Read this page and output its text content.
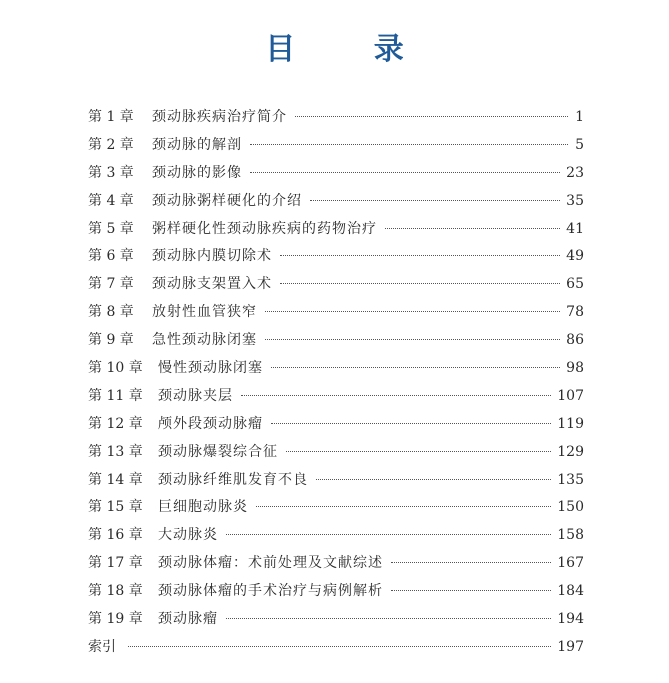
目 录
第 1 章	颈动脉疾病治疗简介	1
第 2 章	颈动脉的解剖	5
第 3 章	颈动脉的影像	23
第 4 章	颈动脉粥样硬化的介绍	35
第 5 章	粥样硬化性颈动脉疾病的药物治疗	41
第 6 章	颈动脉内膜切除术	49
第 7 章	颈动脉支架置入术	65
第 8 章	放射性血管狭窄	78
第 9 章	急性颈动脉闭塞	86
第 10 章	慢性颈动脉闭塞	98
第 11 章	颈动脉夹层	107
第 12 章	颅外段颈动脉瘤	119
第 13 章	颈动脉爆裂综合征	129
第 14 章	颈动脉纤维肌发育不良	135
第 15 章	巨细胞动脉炎	150
第 16 章	大动脉炎	158
第 17 章	颈动脉体瘤：术前处理及文献综述	167
第 18 章	颈动脉体瘤的手术治疗与病例解析	184
第 19 章	颈动脉瘤	194
索引	197
